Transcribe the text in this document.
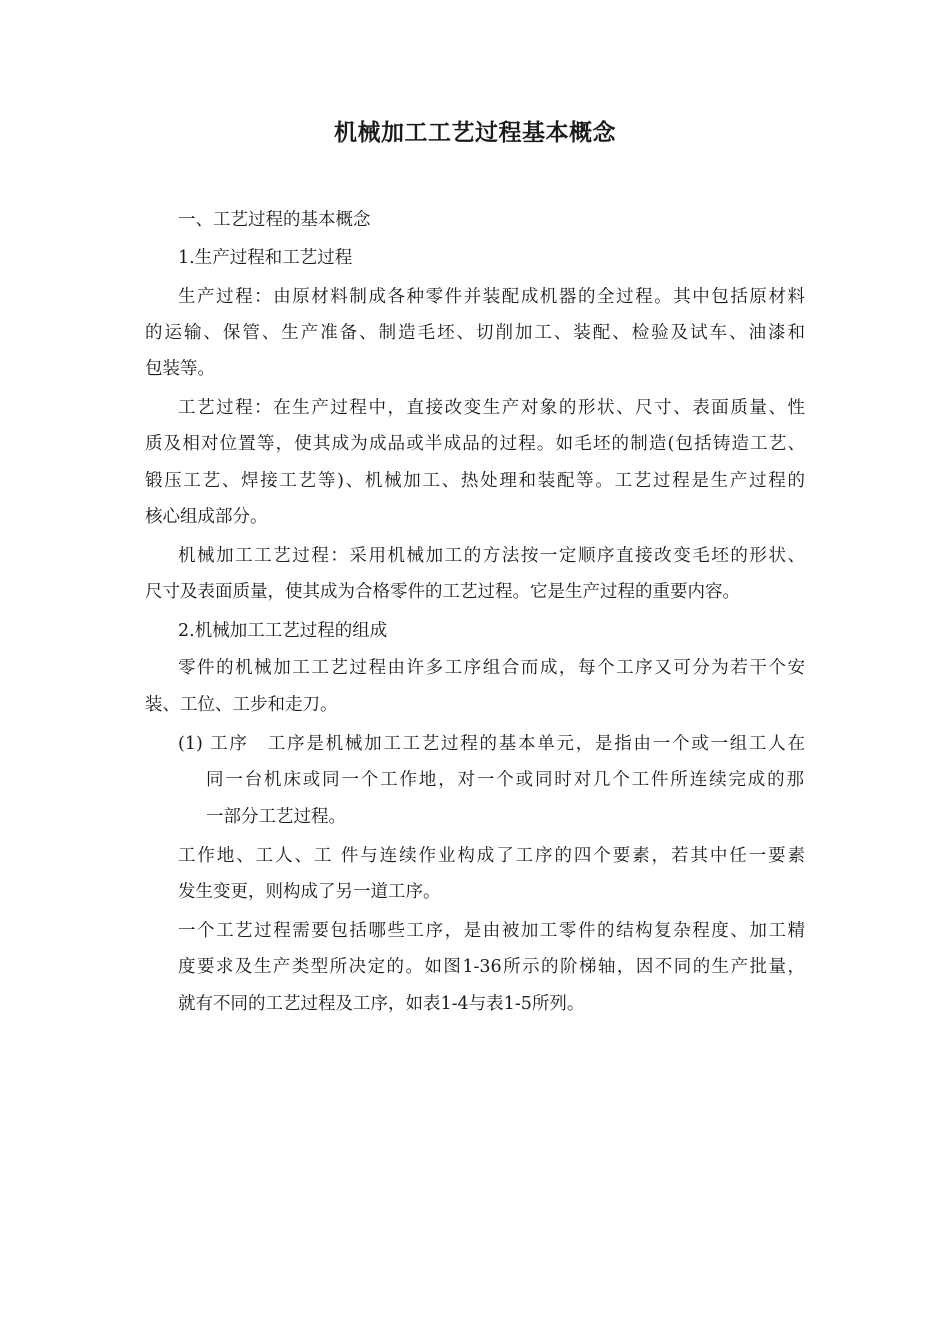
机械加工工艺过程基本概念
一、工艺过程的基本概念
1.生产过程和工艺过程
生产过程：由原材料制成各种零件并装配成机器的全过程。其中包括原材料
的运输、保管、生产准备、制造毛坯、切削加工、装配、检验及试车、油漆和
包装等。
工艺过程：在生产过程中，直接改变生产对象的形状、尺寸、表面质量、性
质及相对位置等，使其成为成品或半成品的过程。如毛坯的制造(包括铸造工艺、
锻压工艺、焊接工艺等)、机械加工、热处理和装配等。工艺过程是生产过程的
核心组成部分。
机械加工工艺过程：采用机械加工的方法按一定顺序直接改变毛坯的形状、
尺寸及表面质量，使其成为合格零件的工艺过程。它是生产过程的重要内容。
2.机械加工工艺过程的组成
零件的机械加工工艺过程由许多工序组合而成，每个工序又可分为若干个安
装、工位、工步和走刀。
(1) 工序　工序是机械加工工艺过程的基本单元，是指由一个或一组工人在
同一台机床或同一个工作地，对一个或同时对几个工件所连续完成的那
一部分工艺过程。
工作地、工人、工 件与连续作业构成了工序的四个要素，若其中任一要素
发生变更，则构成了另一道工序。
一个工艺过程需要包括哪些工序，是由被加工零件的结构复杂程度、加工精
度要求及生产类型所决定的。如图1-36所示的阶梯轴，因不同的生产批量，
就有不同的工艺过程及工序，如表1-4与表1-5所列。
